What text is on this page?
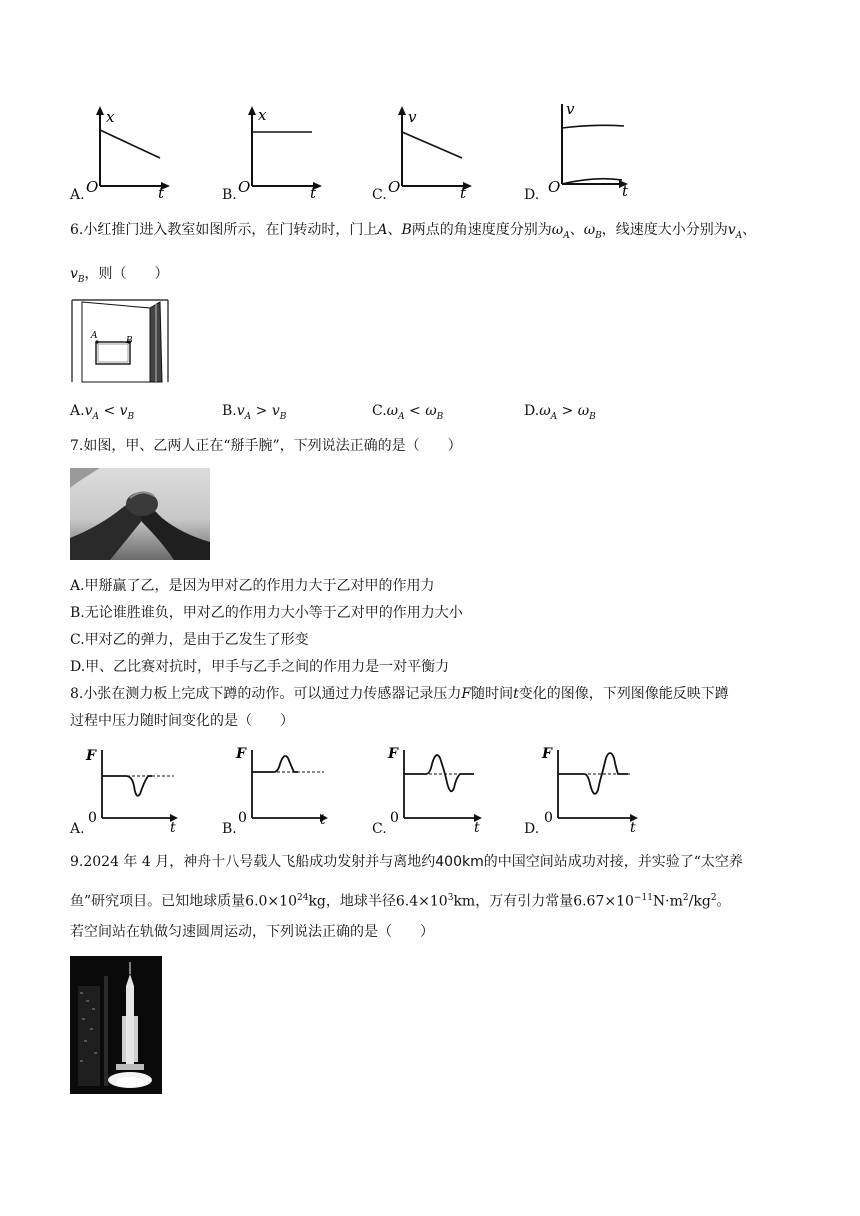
A.
x
t
O	B.
x
t
O	C.
v
t
O	D.
v
t
O
6.小红推门进入教室如图所示，在门转动时，门上A、B两点的角速度度分别为$\omega_A$、$\omega_B$，线速度大小分别为$v_A$、
$v_B$，则（　　）
A	B
$A.v_A < v_B$	$B.v_A > v_B$	$C.\omega_A < \omega_B$	$D.\omega_A > \omega_B$
7.如图，甲、乙两人正在“掰手腕”，下列说法正确的是（　　）
A.甲掰赢了乙，是因为甲对乙的作用力大于乙对甲的作用力
B.无论谁胜谁负，甲对乙的作用力大小等于乙对甲的作用力大小
C.甲对乙的弹力，是由于乙发生了形变
D.甲、乙比赛对抗时，甲手与乙手之间的作用力是一对平衡力
8.小张在测力板上完成下蹲的动作。可以通过力传感器记录压力F随时间t变化的图像，下列图像能反映下蹲
过程中压力随时间变化的是（　　）
A.
F
t
0
B.
F
t
0
C.
F
t
0
D.
F
t
0
9.2024 年 4 月，神舟十八号载人飞船成功发射并与离地约400km的中国空间站成功对接，并实验了“太空养
鱼”研究项目。已知地球质量$6.0\times 10^{24}kg$，地球半径$6.4\times 10^3km$，万有引力常量$6.67\times 10^{-11}N\cdot m^2/kg^2$。
若空间站在轨做匀速圆周运动，下列说法正确的是（　　）
